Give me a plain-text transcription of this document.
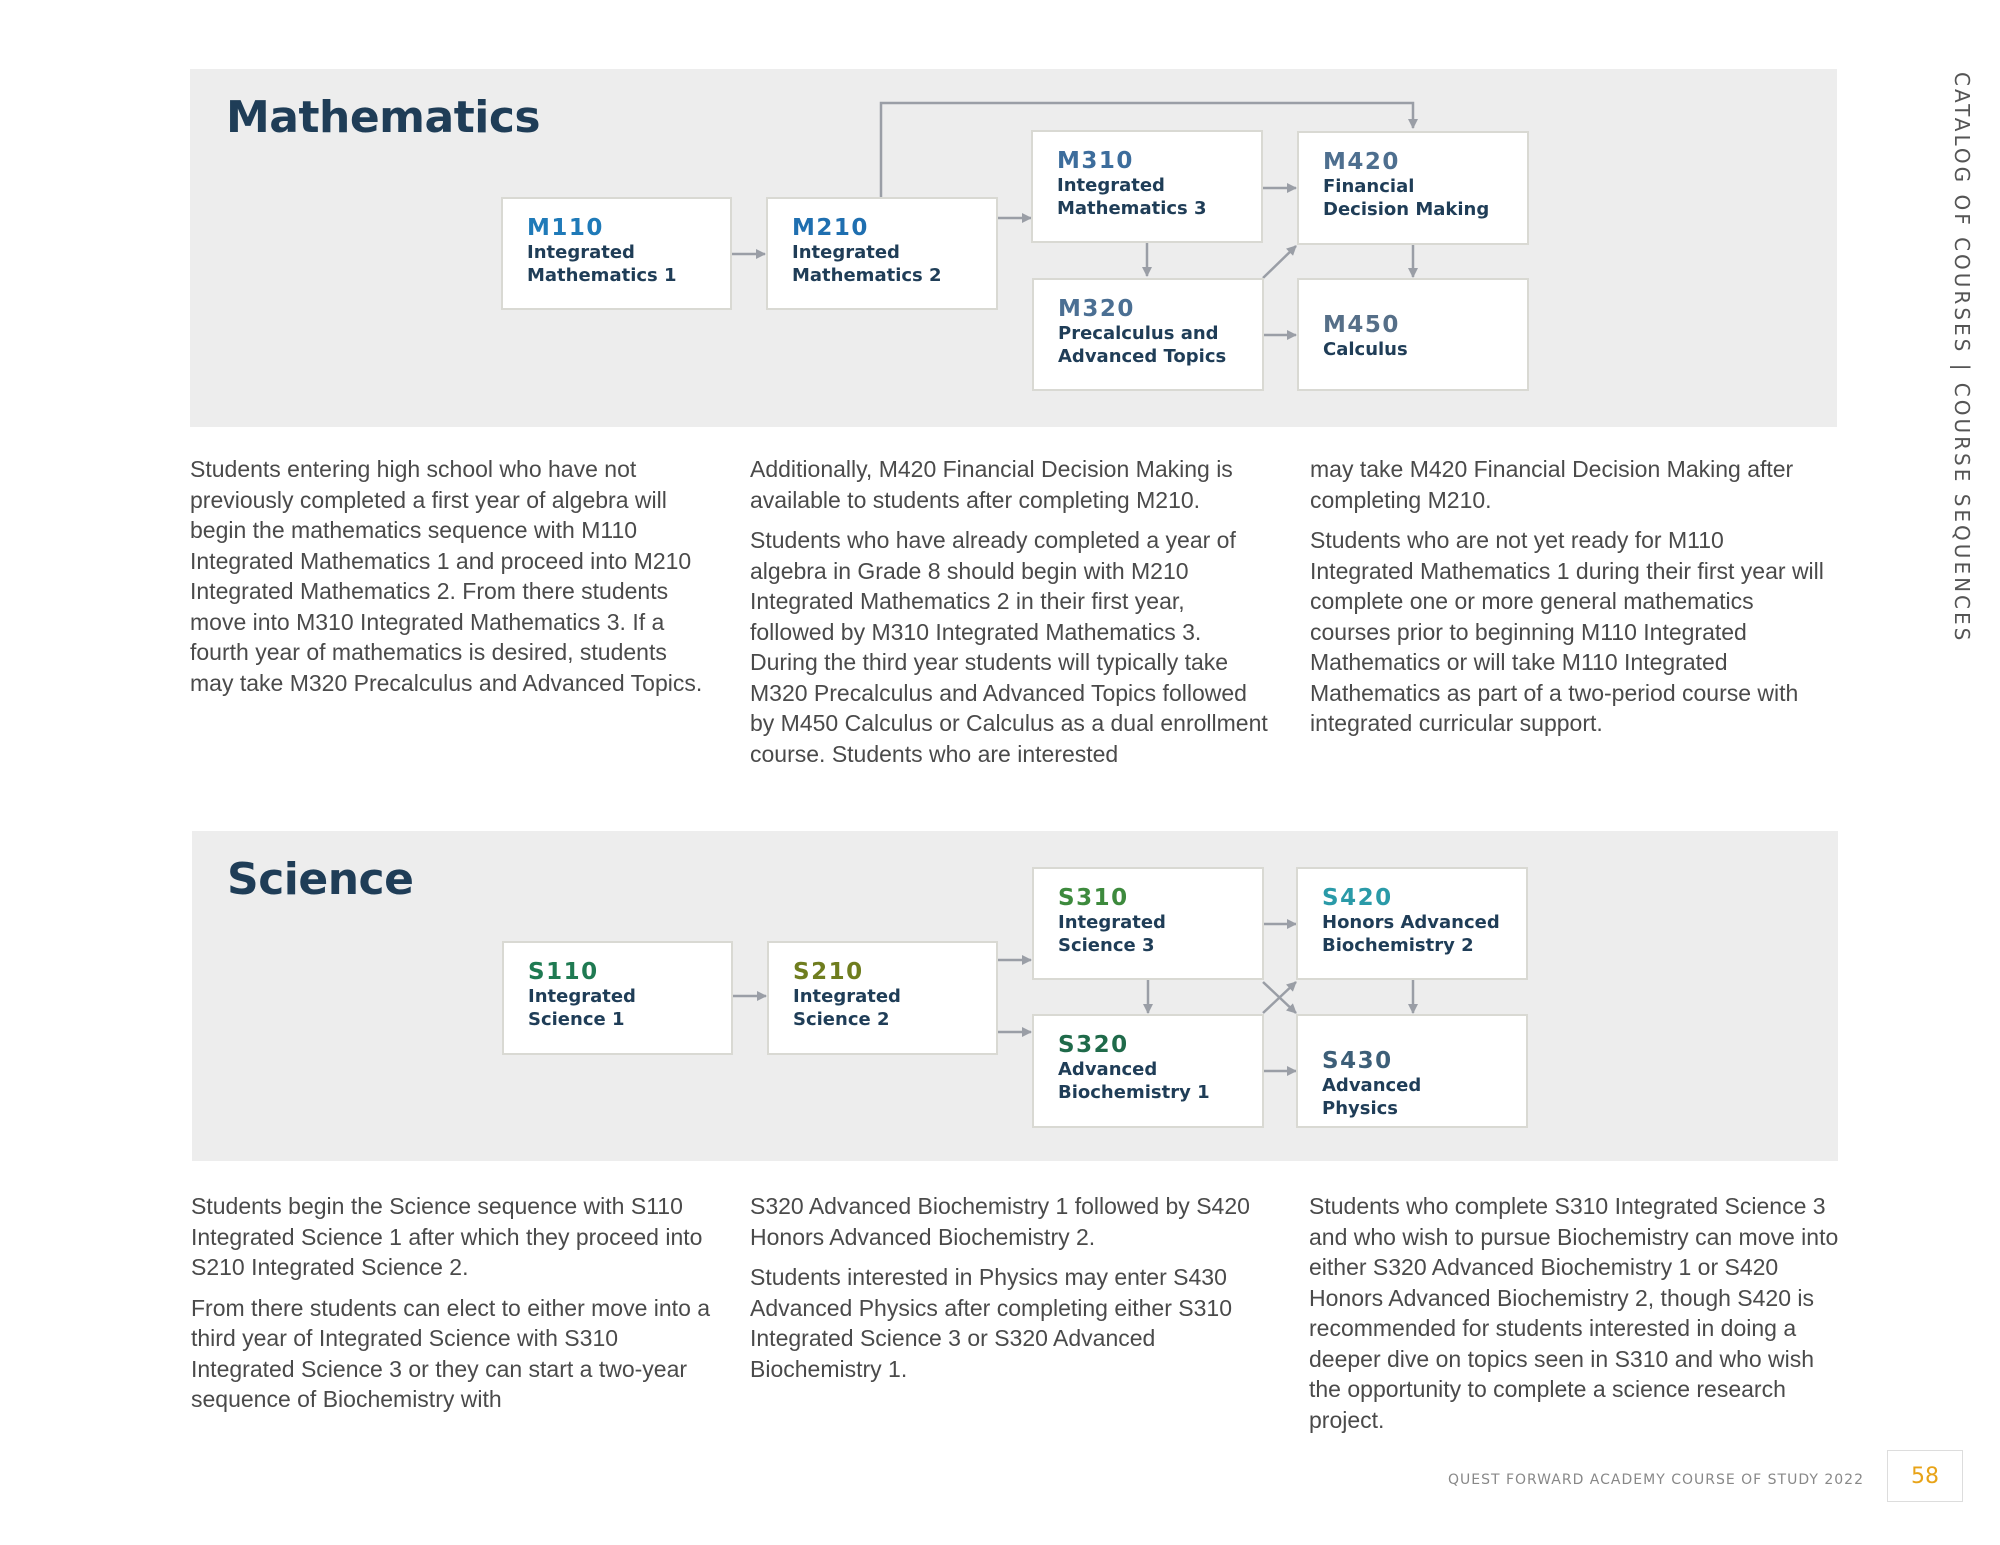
CATALOG OF COURSES | COURSE SEQUENCES
Mathematics
M110
Integrated
Mathematics 1
M210
Integrated
Mathematics 2
M310
Integrated
Mathematics 3
M320
Precalculus and
Advanced Topics
M420
Financial
Decision Making
M450
Calculus

Students entering high school who have not previously completed a first year of algebra will begin the mathematics sequence with M110 Integrated Mathematics 1 and proceed into M210 Integrated Mathematics 2. From there students move into M310 Integrated Mathematics 3. If a fourth year of mathematics is desired, students may take M320 Precalculus and Advanced Topics.

Additionally, M420 Financial Decision Making is available to students after completing M210.

Students who have already completed a year of algebra in Grade 8 should begin with M210 Integrated Mathematics 2 in their first year, followed by M310 Integrated Mathematics 3. During the third year students will typically take M320 Precalculus and Advanced Topics followed by M450 Calculus or Calculus as a dual enrollment course. Students who are interested

may take M420 Financial Decision Making after completing M210.

Students who are not yet ready for M110 Integrated Mathematics 1 during their first year will complete one or more general mathematics courses prior to beginning M110 Integrated Mathematics or will take M110 Integrated Mathematics as part of a two-period course with integrated curricular support.

Science
S110
Integrated
Science 1
S210
Integrated
Science 2
S310
Integrated
Science 3
S320
Advanced
Biochemistry 1
S420
Honors Advanced
Biochemistry 2
S430
Advanced Physics

Students begin the Science sequence with S110 Integrated Science 1 after which they proceed into S210 Integrated Science 2.

From there students can elect to either move into a third year of Integrated Science with S310 Integrated Science 3 or they can start a two-year sequence of Biochemistry with

S320 Advanced Biochemistry 1 followed by S420 Honors Advanced Biochemistry 2.

Students interested in Physics may enter S430 Advanced Physics after completing either S310 Integrated Science 3 or S320 Advanced Biochemistry 1.

Students who complete S310 Integrated Science 3 and who wish to pursue Biochemistry can move into either S320 Advanced Biochemistry 1 or S420 Honors Advanced Biochemistry 2, though S420 is recommended for students interested in doing a deeper dive on topics seen in S310 and who wish the opportunity to complete a science research project.

QUEST FORWARD ACADEMY COURSE OF STUDY 2022	58
